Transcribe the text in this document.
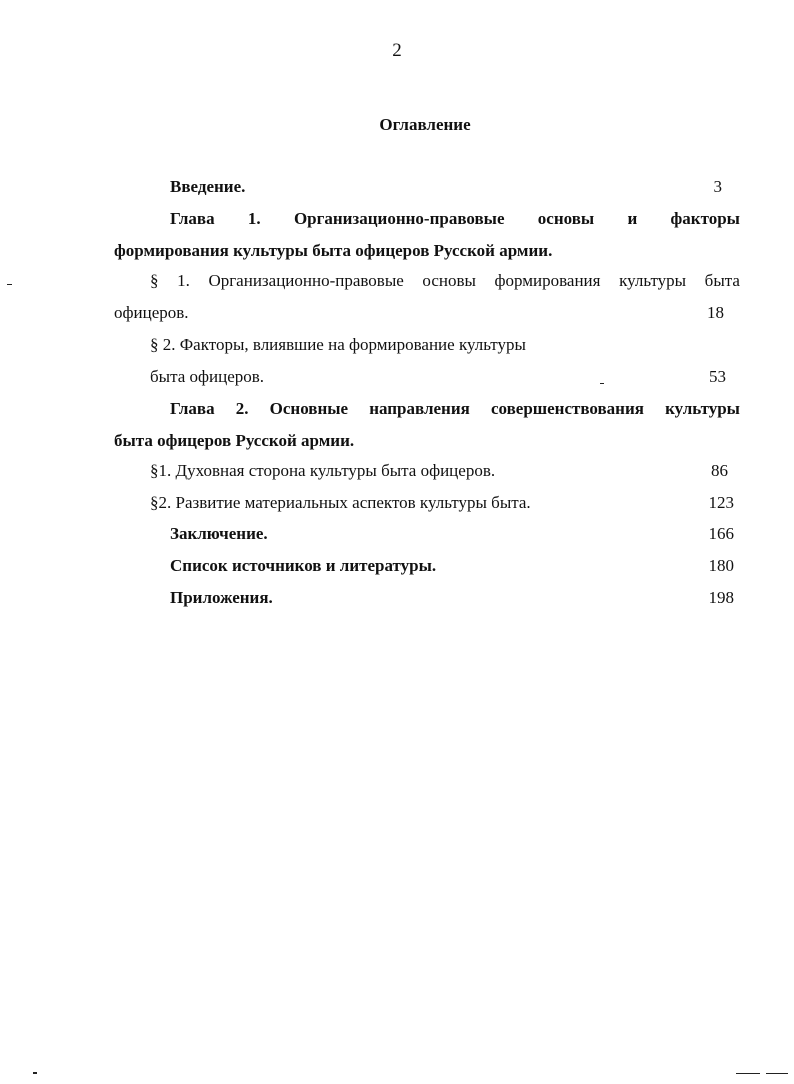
2
Оглавление
Введение.	3
Глава 1. Организационно-правовые основы и факторы
формирования культуры быта офицеров Русской армии.
§ 1. Организационно-правовые основы формирования культуры быта
офицеров.	18
§ 2. Факторы, влиявшие на формирование культуры
быта офицеров.	53
Глава 2. Основные направления совершенствования культуры
быта офицеров Русской армии.
§1. Духовная сторона культуры быта офицеров.	86
§2. Развитие материальных аспектов культуры быта.	123
Заключение.	166
Список источников и литературы.	180
Приложения.	198
